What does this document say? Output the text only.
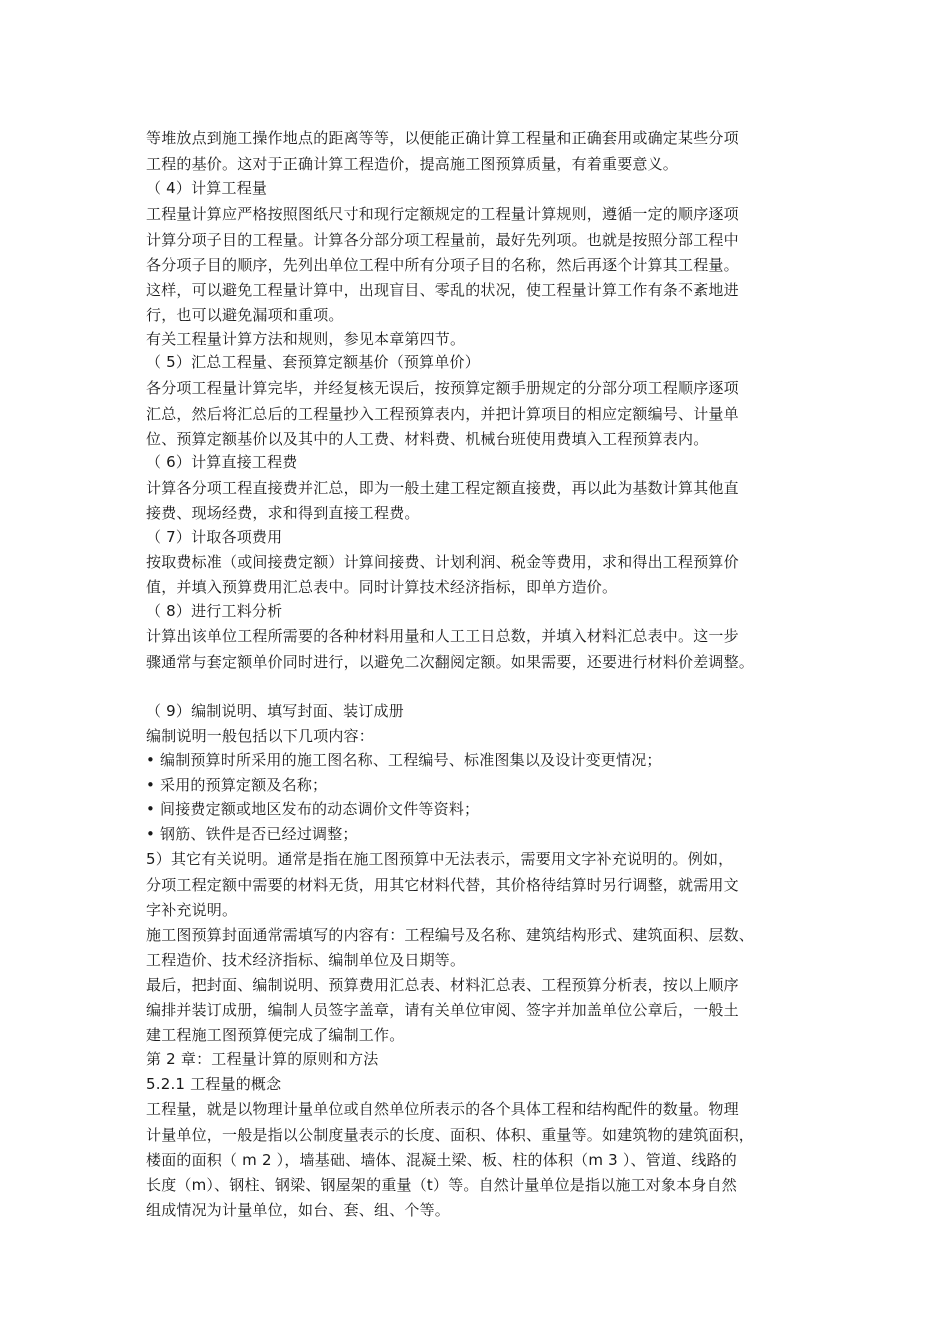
等堆放点到施工操作地点的距离等等，以便能正确计算工程量和正确套用或确定某些分项
工程的基价。这对于正确计算工程造价，提高施工图预算质量，有着重要意义。
（ 4）计算工程量
工程量计算应严格按照图纸尺寸和现行定额规定的工程量计算规则，遵循一定的顺序逐项
计算分项子目的工程量。计算各分部分项工程量前，最好先列项。也就是按照分部工程中
各分项子目的顺序，先列出单位工程中所有分项子目的名称，然后再逐个计算其工程量。
这样，可以避免工程量计算中，出现盲目、零乱的状况，使工程量计算工作有条不紊地进
行，也可以避免漏项和重项。
有关工程量计算方法和规则，参见本章第四节。
（ 5）汇总工程量、套预算定额基价（预算单价）
各分项工程量计算完毕，并经复核无误后，按预算定额手册规定的分部分项工程顺序逐项
汇总，然后将汇总后的工程量抄入工程预算表内，并把计算项目的相应定额编号、计量单
位、预算定额基价以及其中的人工费、材料费、机械台班使用费填入工程预算表内。
（ 6）计算直接工程费
计算各分项工程直接费并汇总，即为一般土建工程定额直接费，再以此为基数计算其他直
接费、现场经费，求和得到直接工程费。
（ 7）计取各项费用
按取费标准（或间接费定额）计算间接费、计划利润、税金等费用，求和得出工程预算价
值，并填入预算费用汇总表中。同时计算技术经济指标，即单方造价。
（ 8）进行工料分析
计算出该单位工程所需要的各种材料用量和人工工日总数，并填入材料汇总表中。这一步
骤通常与套定额单价同时进行，以避免二次翻阅定额。如果需要，还要进行材料价差调整。
（ 9）编制说明、填写封面、装订成册
编制说明一般包括以下几项内容：
• 编制预算时所采用的施工图名称、工程编号、标准图集以及设计变更情况；
• 采用的预算定额及名称；
• 间接费定额或地区发布的动态调价文件等资料；
• 钢筋、铁件是否已经过调整；
5）其它有关说明。通常是指在施工图预算中无法表示，需要用文字补充说明的。例如，
分项工程定额中需要的材料无货，用其它材料代替，其价格待结算时另行调整，就需用文
字补充说明。
施工图预算封面通常需填写的内容有：工程编号及名称、建筑结构形式、建筑面积、层数、
工程造价、技术经济指标、编制单位及日期等。
最后，把封面、编制说明、预算费用汇总表、材料汇总表、工程预算分析表，按以上顺序
编排并装订成册，编制人员签字盖章，请有关单位审阅、签字并加盖单位公章后，一般土
建工程施工图预算便完成了编制工作。
第 2 章：工程量计算的原则和方法
5.2.1 工程量的概念
工程量，就是以物理计量单位或自然单位所表示的各个具体工程和结构配件的数量。物理
计量单位，一般是指以公制度量表示的长度、面积、体积、重量等。如建筑物的建筑面积，
楼面的面积（ m 2 ），墙基础、墙体、混凝土梁、板、柱的体积（m 3 ）、管道、线路的
长度（m）、钢柱、钢梁、钢屋架的重量（t）等。自然计量单位是指以施工对象本身自然
组成情况为计量单位，如台、套、组、个等。
